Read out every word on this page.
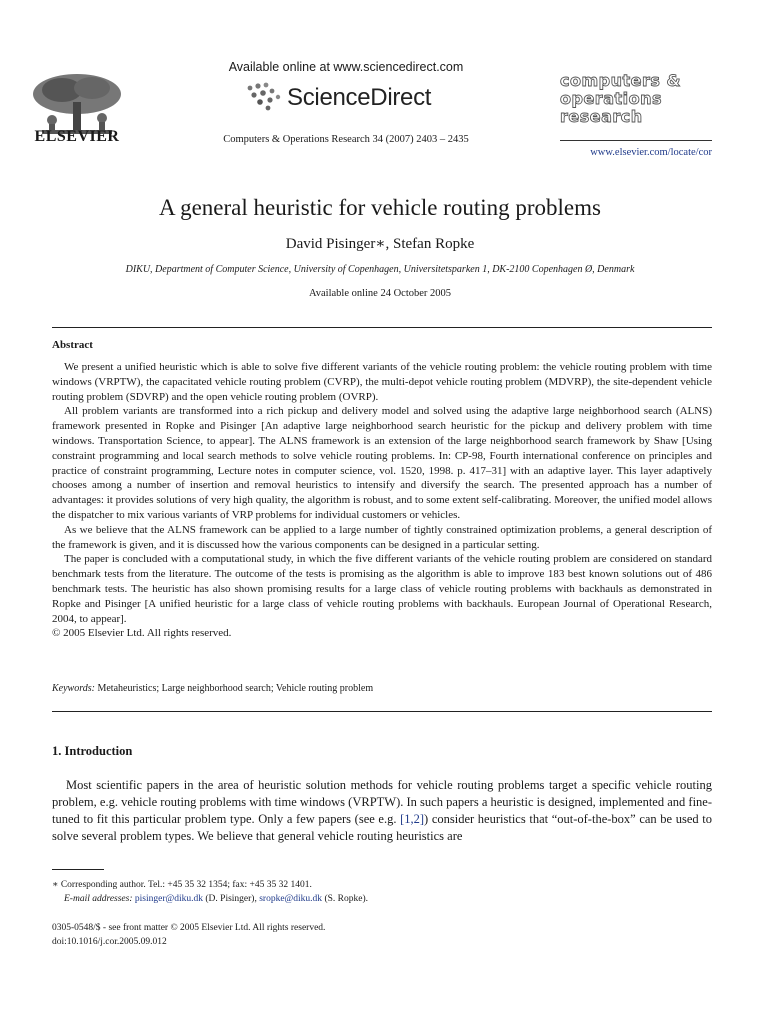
ELSEVIER
Available online at www.sciencedirect.com
ScienceDirect
Computers & Operations Research 34 (2007) 2403 – 2435
computers &
operations
research
www.elsevier.com/locate/cor
A general heuristic for vehicle routing problems
David Pisinger∗, Stefan Ropke
DIKU, Department of Computer Science, University of Copenhagen, Universitetsparken 1, DK-2100 Copenhagen Ø, Denmark
Available online 24 October 2005
Abstract

We present a unified heuristic which is able to solve five different variants of the vehicle routing problem: the vehicle routing problem with time windows (VRPTW), the capacitated vehicle routing problem (CVRP), the multi-depot vehicle routing problem (MDVRP), the site-dependent vehicle routing problem (SDVRP) and the open vehicle routing problem (OVRP).

All problem variants are transformed into a rich pickup and delivery model and solved using the adaptive large neighborhood search (ALNS) framework presented in Ropke and Pisinger [An adaptive large neighborhood search heuristic for the pickup and delivery problem with time windows. Transportation Science, to appear]. The ALNS framework is an extension of the large neighborhood search framework by Shaw [Using constraint programming and local search methods to solve vehicle routing problems. In: CP-98, Fourth international conference on principles and practice of constraint programming, Lecture notes in computer science, vol. 1520, 1998. p. 417–31] with an adaptive layer. This layer adaptively chooses among a number of insertion and removal heuristics to intensify and diversify the search. The presented approach has a number of advantages: it provides solutions of very high quality, the algorithm is robust, and to some extent self-calibrating. Moreover, the unified model allows the dispatcher to mix various variants of VRP problems for individual customers or vehicles.

As we believe that the ALNS framework can be applied to a large number of tightly constrained optimization problems, a general description of the framework is given, and it is discussed how the various components can be designed in a particular setting.

The paper is concluded with a computational study, in which the five different variants of the vehicle routing problem are considered on standard benchmark tests from the literature. The outcome of the tests is promising as the algorithm is able to improve 183 best known solutions out of 486 benchmark tests. The heuristic has also shown promising results for a large class of vehicle routing problems with backhauls as demonstrated in Ropke and Pisinger [A unified heuristic for a large class of vehicle routing problems with backhauls. European Journal of Operational Research, 2004, to appear].

© 2005 Elsevier Ltd. All rights reserved.

Keywords: Metaheuristics; Large neighborhood search; Vehicle routing problem
1. Introduction

Most scientific papers in the area of heuristic solution methods for vehicle routing problems target a specific vehicle routing problem, e.g. vehicle routing problems with time windows (VRPTW). In such papers a heuristic is designed, implemented and fine-tuned to fit this particular problem type. Only a few papers (see e.g. [1,2]) consider heuristics that “out-of-the-box” can be used to solve several problem types. We believe that general vehicle routing heuristics are

∗ Corresponding author. Tel.: +45 35 32 1354; fax: +45 35 32 1401.
E-mail addresses: pisinger@diku.dk (D. Pisinger), sropke@diku.dk (S. Ropke).
0305-0548/$ - see front matter © 2005 Elsevier Ltd. All rights reserved.
doi:10.1016/j.cor.2005.09.012
